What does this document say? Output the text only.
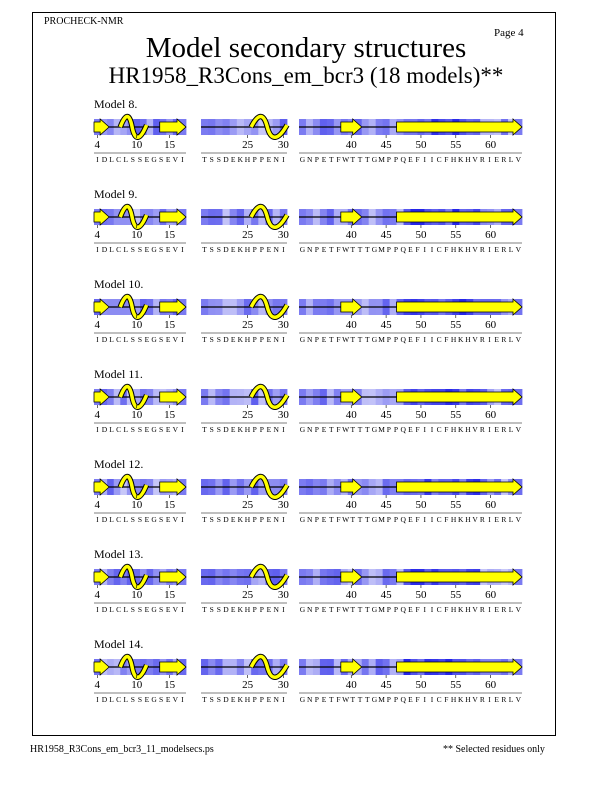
PROCHECK-NMR
Page 4
Model secondary structures
HR1958_R3Cons_em_bcr3 (18 models)**
Model 8.
4	10 15
I D L C L S S E G S E V I
25 30
T S S D E K H P P E N I
40 45 50 55 60
G N P E T F W T T T G M P P Q E F I I C F H K H V R I E R L V
Model 9.
4	10 15
I D L C L S S E G S E V I
25 30
T S S D E K H P P E N I
40 45 50 55 60
G N P E T F W T T T G M P P Q E F I I C F H K H V R I E R L V
Model 10.
4	10 15
I D L C L S S E G S E V I
25 30
T S S D E K H P P E N I
40 45 50 55 60
G N P E T F W T T T G M P P Q E F I I C F H K H V R I E R L V
Model 11.
4	10 15
I D L C L S S E G S E V I
25 30
T S S D E K H P P E N I
40 45 50 55 60
G N P E T F W T T T G M P P Q E F I I C F H K H V R I E R L V
Model 12.
4	10 15
I D L C L S S E G S E V I
25 30
T S S D E K H P P E N I
40 45 50 55 60
G N P E T F W T T T G M P P Q E F I I C F H K H V R I E R L V
Model 13.
4	10 15
I D L C L S S E G S E V I
25 30
T S S D E K H P P E N I
40 45 50 55 60
G N P E T F W T T T G M P P Q E F I I C F H K H V R I E R L V
Model 14.
4	10 15
I D L C L S S E G S E V I
25 30
T S S D E K H P P E N I
40 45 50 55 60
G N P E T F W T T T G M P P Q E F I I C F H K H V R I E R L V
HR1958_R3Cons_em_bcr3_11_modelsecs.ps	** Selected residues only
